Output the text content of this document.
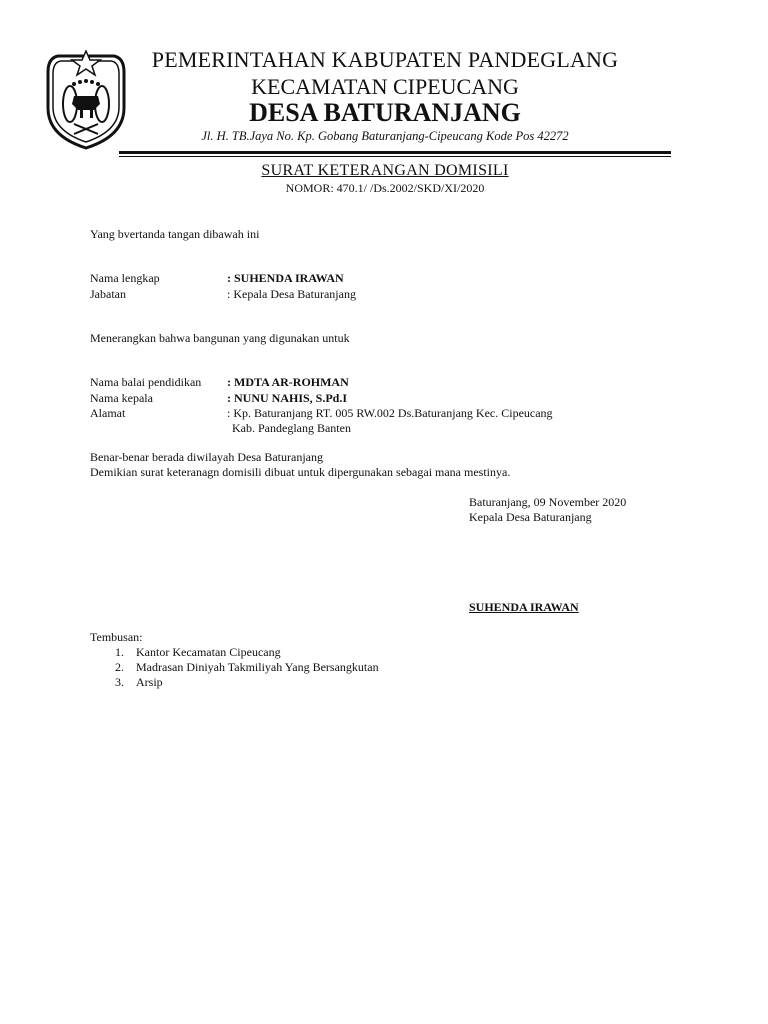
PEMERINTAHAN KABUPATEN PANDEGLANG
KECAMATAN CIPEUCANG
DESA BATURANJANG
Jl. H. TB.Jaya No. Kp. Gobang Baturanjang-Cipeucang Kode Pos 42272
SURAT KETERANGAN DOMISILI
NOMOR: 470.1/ /Ds.2002/SKD/XI/2020
Yang bvertanda tangan dibawah ini
Nama lengkap	: SUHENDA IRAWAN
Jabatan	: Kepala Desa Baturanjang
Menerangkan bahwa bangunan yang digunakan untuk
Nama balai pendidikan : MDTA AR-ROHMAN
Nama kepala	: NUNU NAHIS, S.Pd.I
Alamat	: Kp. Baturanjang RT. 005 RW.002 Ds.Baturanjang Kec. Cipeucang
Kab. Pandeglang Banten
Benar-benar berada diwilayah Desa Baturanjang
Demikian surat keteranagn domisili dibuat untuk dipergunakan sebagai mana mestinya.
Baturanjang, 09 November 2020
Kepala Desa Baturanjang
SUHENDA IRAWAN
Tembusan:
1. Kantor Kecamatan Cipeucang
2. Madrasan Diniyah Takmiliyah Yang Bersangkutan
3. Arsip
